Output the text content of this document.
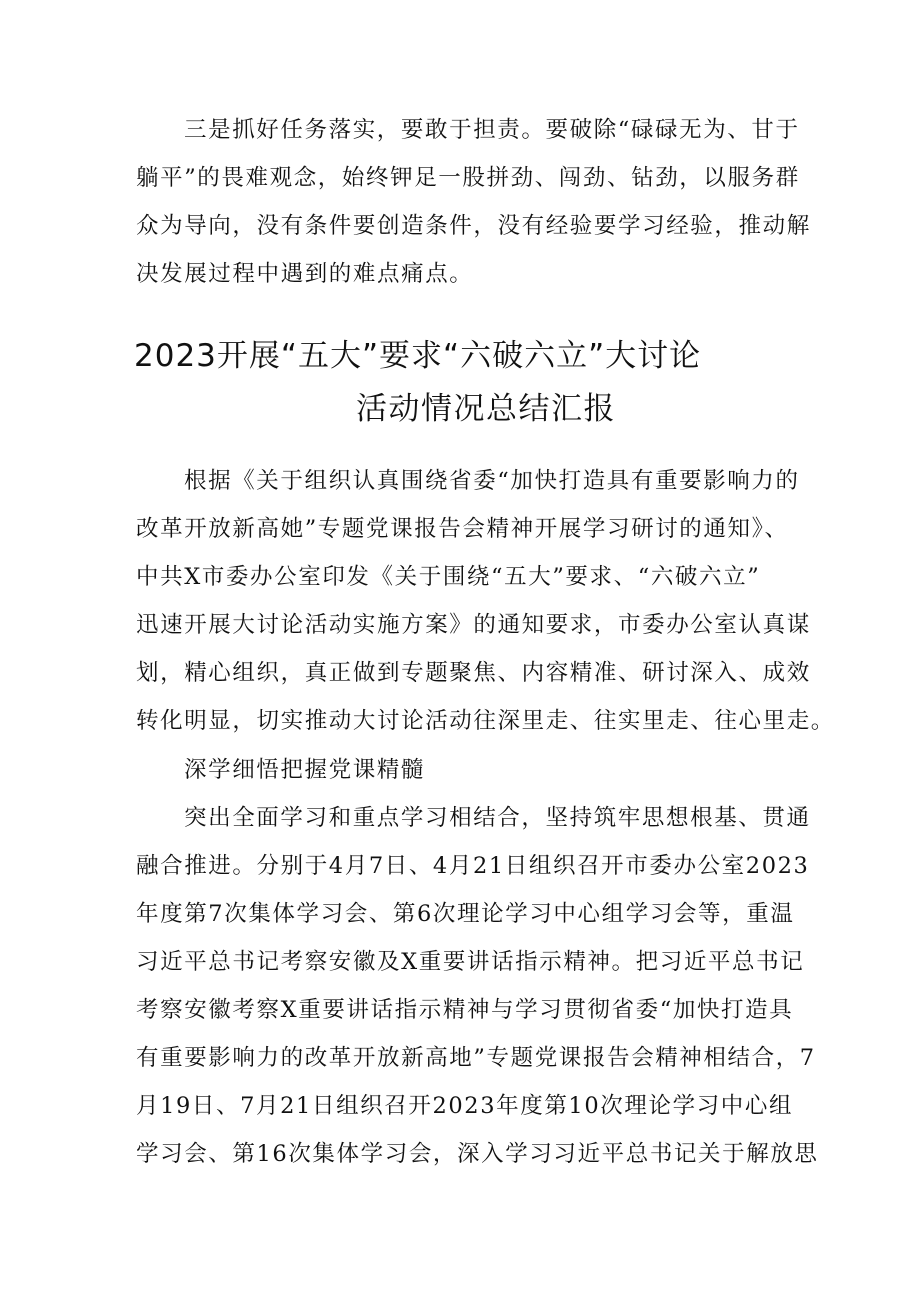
三是抓好任务落实，要敢于担责。要破除“碌碌无为、甘于
躺平”的畏难观念，始终钾足一股拼劲、闯劲、钻劲，以服务群
众为导向，没有条件要创造条件，没有经验要学习经验，推动解
决发展过程中遇到的难点痛点。
2023开展“五大”要求“六破六立”大讨论
活动情况总结汇报
根据《关于组织认真围绕省委“加快打造具有重要影响力的
改革开放新高她”专题党课报告会精神开展学习研讨的通知》、
中共X市委办公室印发《关于围绕“五大”要求、“六破六立”
迅速开展大讨论活动实施方案》的通知要求，市委办公室认真谋
划，精心组织，真正做到专题聚焦、内容精准、研讨深入、成效
转化明显，切实推动大讨论活动往深里走、往实里走、往心里走。
深学细悟把握党课精髓
突出全面学习和重点学习相结合，坚持筑牢思想根基、贯通
融合推进。分别于4月7日、4月21日组织召开市委办公室2023
年度第7次集体学习会、第6次理论学习中心组学习会等，重温
习近平总书记考察安徽及X重要讲话指示精神。把习近平总书记
考察安徽考察X重要讲话指示精神与学习贯彻省委“加快打造具
有重要影响力的改革开放新高地”专题党课报告会精神相结合，7
月19日、7月21日组织召开2023年度第10次理论学习中心组
学习会、第16次集体学习会，深入学习习近平总书记关于解放思
